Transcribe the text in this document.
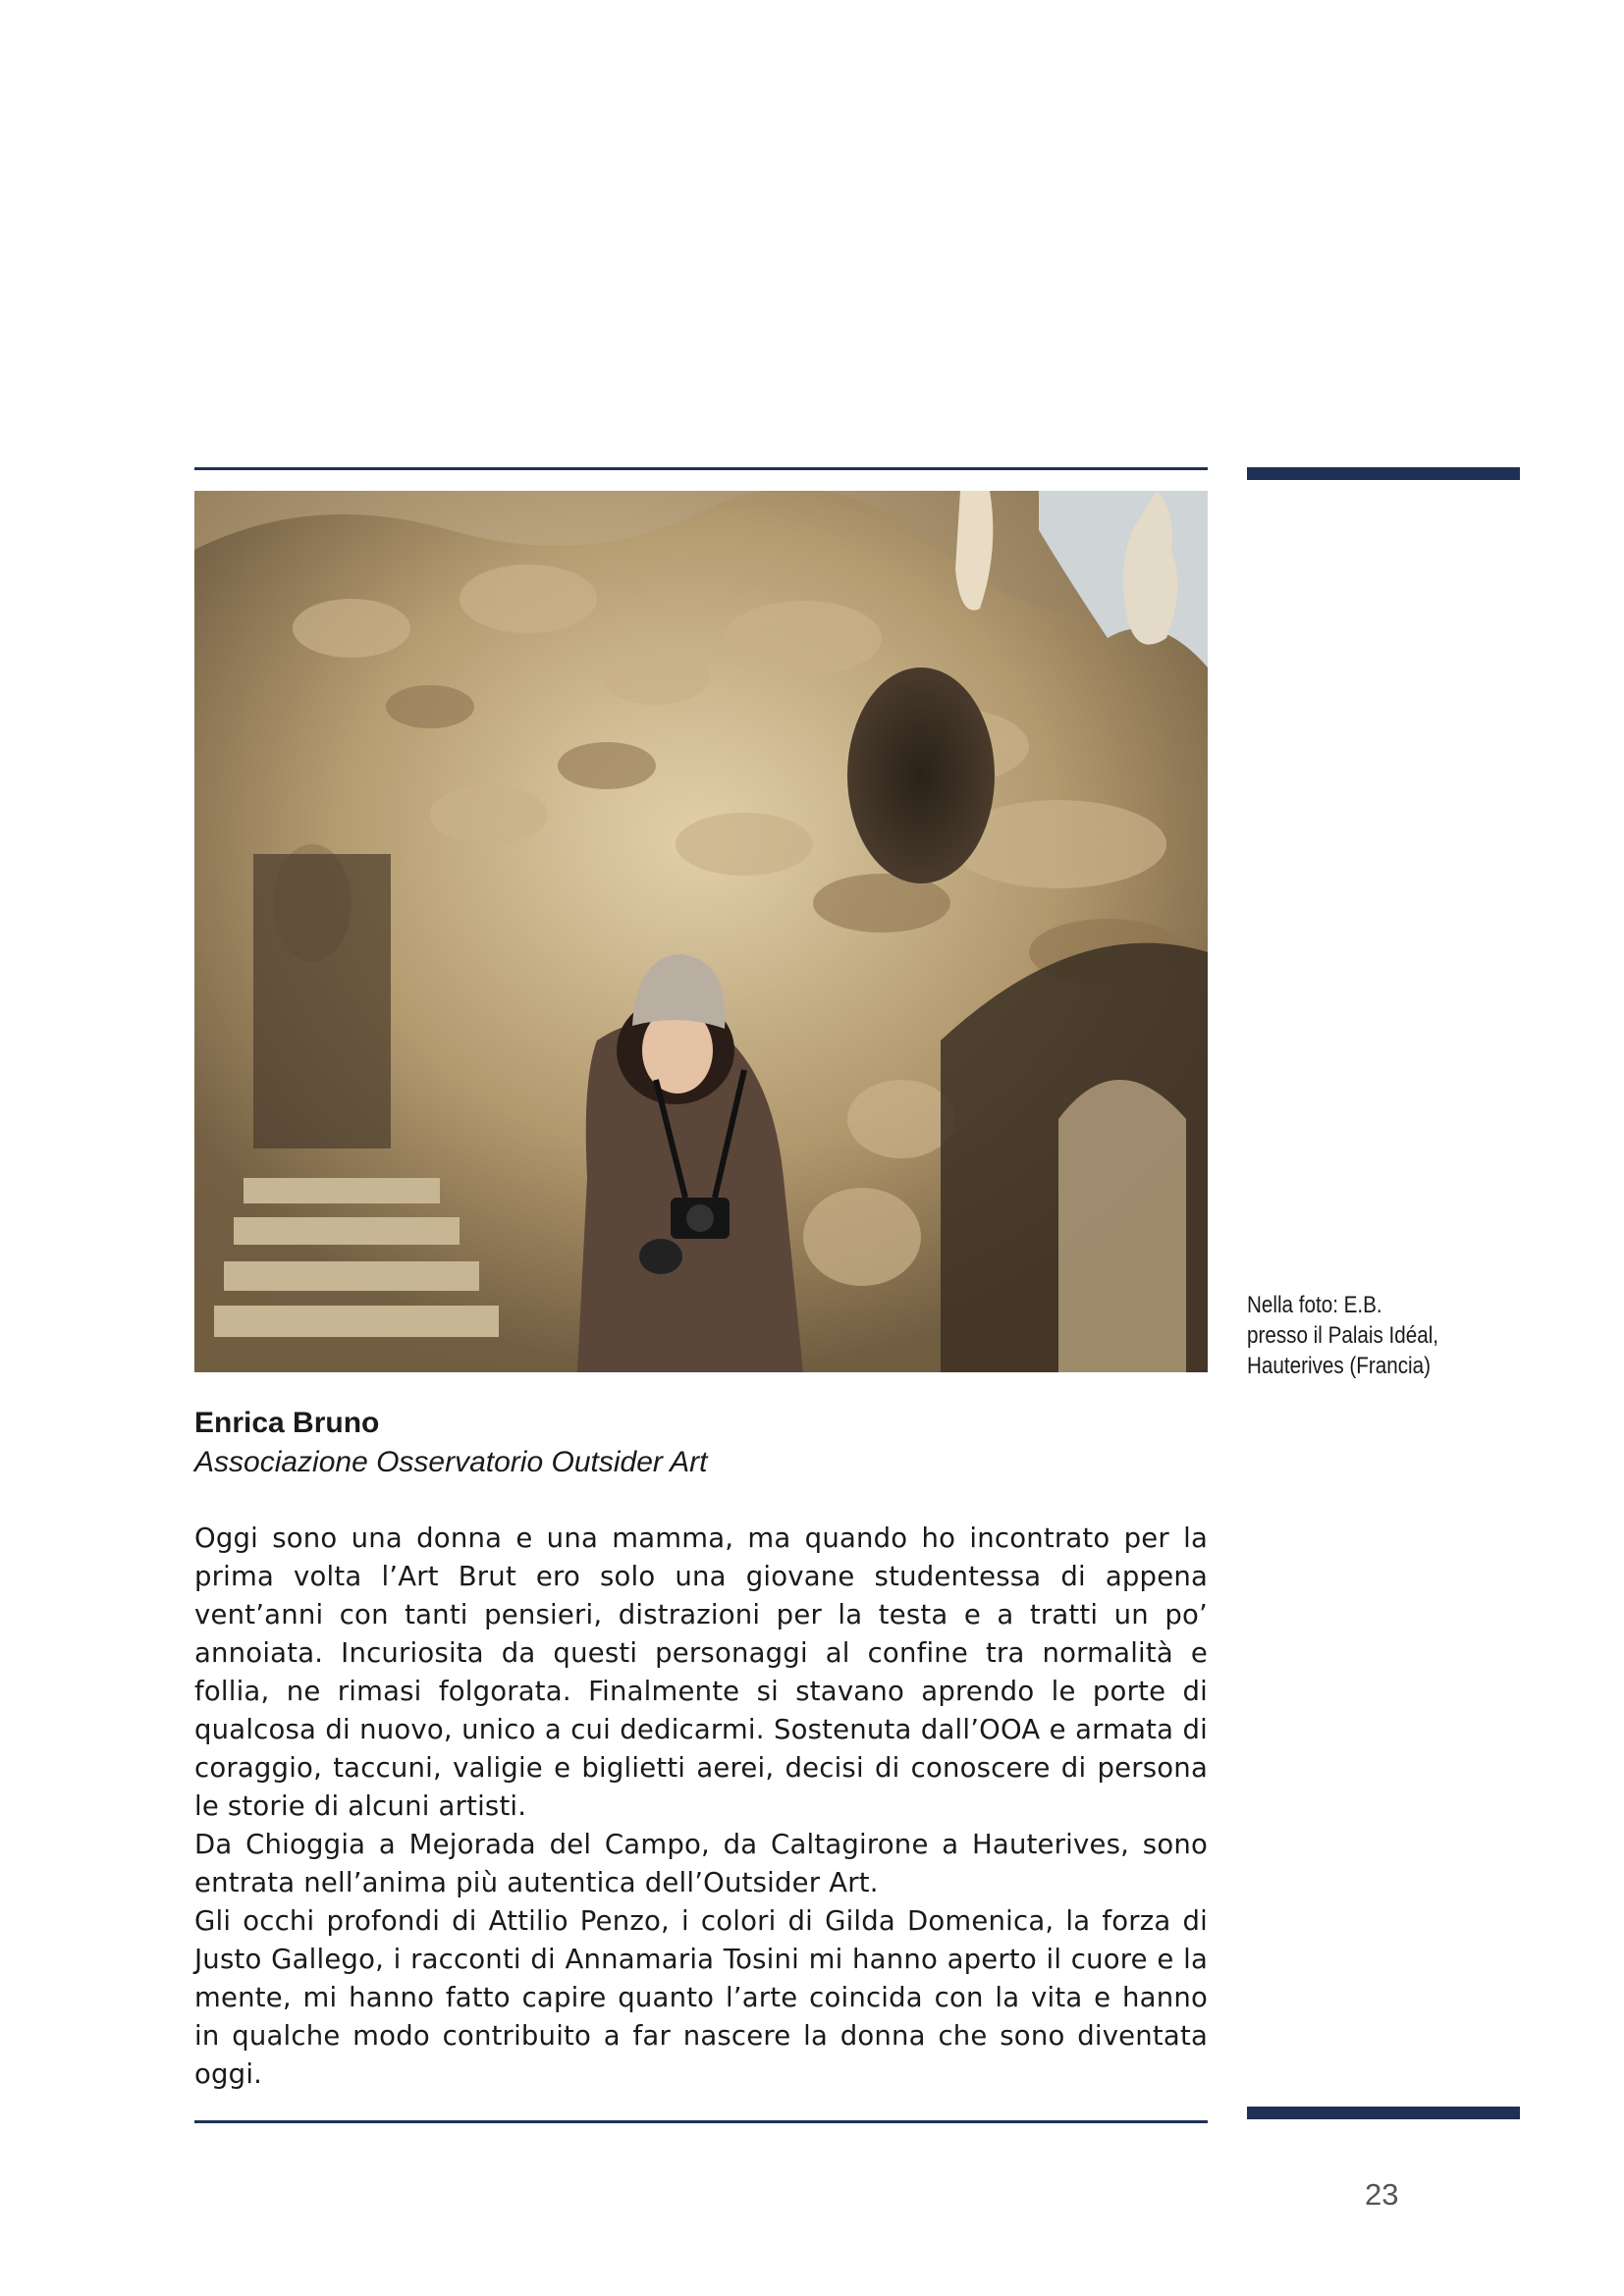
Nella foto: E.B.
presso il Palais Idéal,
Hauterives (Francia)
Enrica Bruno
Associazione Osservatorio Outsider Art

Oggi sono una donna e una mamma, ma quando ho incontrato per la prima volta l’Art Brut ero solo una giovane studentessa di appena vent’anni con tanti pensieri, distrazioni per la testa e a tratti un po’ annoiata. Incuriosita da questi personaggi al confine tra normalità e follia, ne rimasi folgorata. Finalmente si stavano aprendo le porte di qualcosa di nuovo, unico a cui dedicarmi. Sostenuta dall’OOA e armata di coraggio, taccuni, valigie e biglietti aerei, decisi di conoscere di persona le storie di alcuni artisti.

Da Chioggia a Mejorada del Campo, da Caltagirone a Hauterives, sono entrata nell’anima più autentica dell’Outsider Art.

Gli occhi profondi di Attilio Penzo, i colori di Gilda Domenica, la forza di Justo Gallego, i racconti di Annamaria Tosini mi hanno aperto il cuore e la mente, mi hanno fatto capire quanto l’arte coincida con la vita e hanno in qualche modo contribuito a far nascere la donna che sono diventata oggi.

23
